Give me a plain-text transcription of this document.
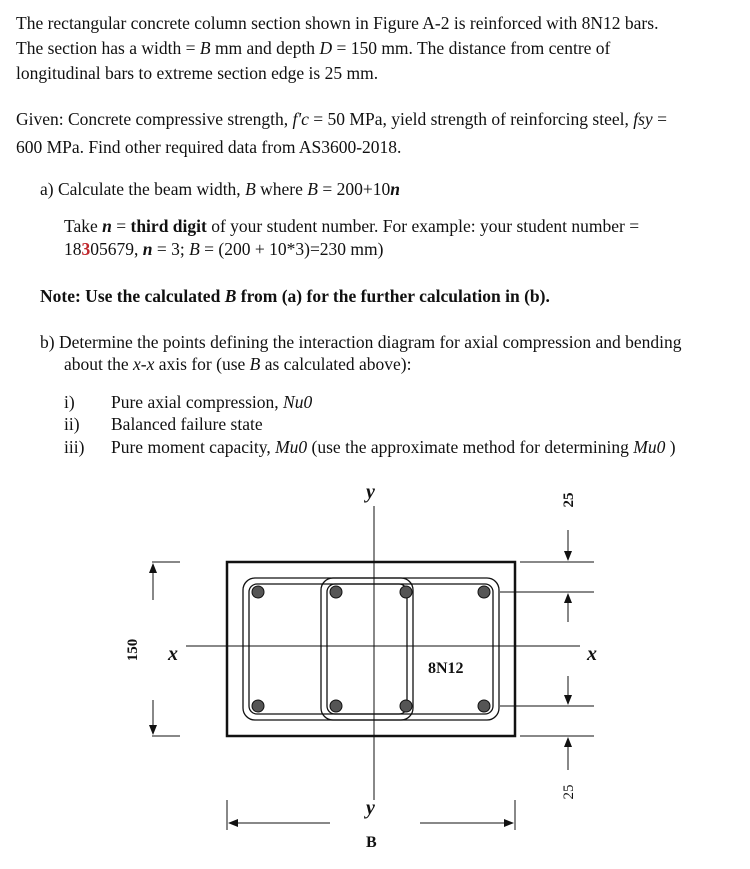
The rectangular concrete column section shown in Figure A-2 is reinforced with 8N12 bars.
The section has a width = B mm and depth D = 150 mm. The distance from centre of
longitudinal bars to extreme section edge is 25 mm.
Given: Concrete compressive strength, f'c = 50 MPa, yield strength of reinforcing steel, fsy =
600 MPa. Find other required data from AS3600-2018.
a) Calculate the beam width, B where B = 200+10n
Take n = third digit of your student number. For example: your student number =
18305679, n = 3; B = (200 + 10*3)=230 mm)
Note: Use the calculated B from (a) for the further calculation in (b).
b) Determine the points defining the interaction diagram for axial compression and bending
about the x-x axis for (use B as calculated above):
i) Pure axial compression, Nu0
ii) Balanced failure state
iii) Pure moment capacity, Mu0 (use the approximate method for determining Mu0 )
y
y
x	x
8N12
B
150
25
25
